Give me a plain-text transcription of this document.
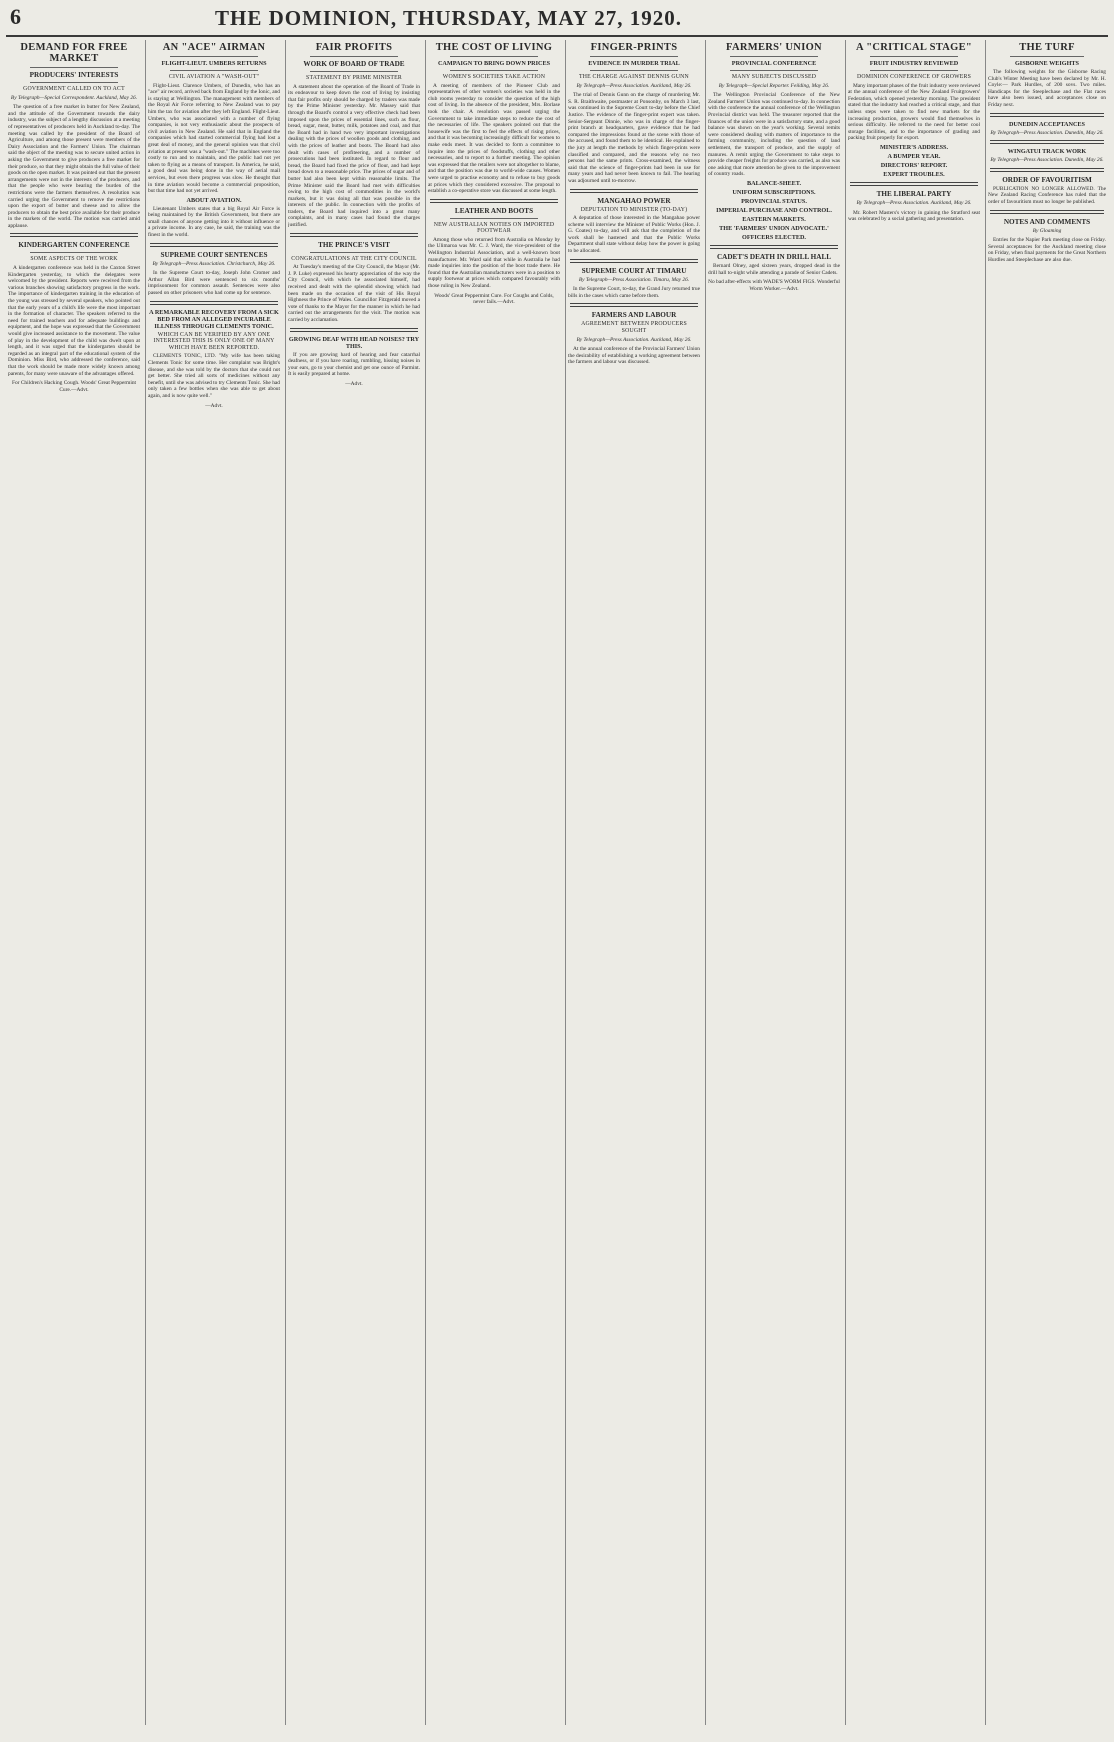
6	THE DOMINION, THURSDAY, MAY 27, 1920.
DEMAND FOR FREE MARKET
PRODUCERS' INTERESTS
GOVERNMENT CALLED ON TO ACT
By Telegraph—Special Correspondent. Auckland, May 26.

The question of a free market in butter for New Zealand, and the attitude of the Government towards the dairy industry, was the subject of a lengthy discussion at a meeting of representatives of producers held in Auckland to-day. The meeting was called by the president of the Board of Agriculture, and among those present were members of the Dairy Association and the Farmers' Union. The chairman said the object of the meeting was to secure united action in asking the Government to give producers a free market for their produce, so that they might obtain the full value of their goods on the open market. It was pointed out that the present arrangements were not in the interests of the producers, and that the people who were bearing the burden of the restrictions were the farmers themselves. A resolution was carried urging the Government to remove the restrictions upon the export of butter and cheese and to allow the producers to obtain the best price available for their produce in the markets of the world. The motion was carried amid applause.

KINDERGARTEN CONFERENCE
SOME ASPECTS OF THE WORK

A kindergarten conference was held in the Caxton Street Kindergarten yesterday, to which the delegates were welcomed by the president. Reports were received from the various branches showing satisfactory progress in the work. The importance of kindergarten training in the education of the young was stressed by several speakers, who pointed out that the early years of a child's life were the most important in the formation of character. The speakers referred to the need for trained teachers and for adequate buildings and equipment, and the hope was expressed that the Government would give increased assistance to the movement. The value of play in the development of the child was dwelt upon at length, and it was urged that the kindergarten should be regarded as an integral part of the educational system of the Dominion. Miss Bird, who addressed the conference, said that the work should be made more widely known among parents, for many were unaware of the advantages offered.

For Children's Hacking Cough. Woods' Great Peppermint Cure.—Advt.
AN "ACE" AIRMAN
FLIGHT-LIEUT. UMBERS RETURNS
CIVIL AVIATION A "WASH-OUT"

Flight-Lieut. Clarence Umbers, of Dunedin, who has an "ace" air record, arrived back from England by the Ionic, and is staying at Wellington. The management with members of the Royal Air Force referring to New Zealand was to pay him the tax for aviation after they left England. Flight-Lieut. Umbers, who was associated with a number of flying companies, is not very enthusiastic about the prospects of civil aviation in New Zealand. He said that in England the companies which had started commercial flying had lost a great deal of money, and the general opinion was that civil aviation at present was a "wash-out." The machines were too costly to run and to maintain, and the public had not yet taken to flying as a means of transport. In America, he said, a good deal was being done in the way of aerial mail services, but even there progress was slow. He thought that in time aviation would become a commercial proposition, but that time had not yet arrived.

ABOUT AVIATION.

Lieutenant Umbers states that a big Royal Air Force is being maintained by the British Government, but there are small chances of anyone getting into it without influence or a private income. In any case, he said, the training was the finest in the world.

SUPREME COURT SENTENCES
By Telegraph—Press Association. Christchurch, May 26.

In the Supreme Court to-day, Joseph John Cromer and Arthur Allan Bird were sentenced to six months' imprisonment for common assault. Sentences were also passed on other prisoners who had come up for sentence.

A REMARKABLE RECOVERY FROM A SICK BED FROM AN ALLEGED INCURABLE ILLNESS THROUGH CLEMENTS TONIC.
WHICH CAN BE VERIFIED BY ANY ONE INTERESTED THIS IS ONLY ONE OF MANY WHICH HAVE BEEN REPORTED.

CLEMENTS TONIC, LTD. "My wife has been taking Clements Tonic for some time. Her complaint was Bright's disease, and she was told by the doctors that she could not get better. She tried all sorts of medicines without any benefit, until she was advised to try Clements Tonic. She had only taken a few bottles when she was able to get about again, and is now quite well."

—Advt.
FAIR PROFITS
WORK OF BOARD OF TRADE
STATEMENT BY PRIME MINISTER

A statement about the operation of the Board of Trade in its endeavour to keep down the cost of living by insisting that fair profits only should be charged by traders was made by the Prime Minister yesterday. Mr. Massey said that through the Board's control a very effective check had been imposed upon the prices of essential lines, such as flour, bread, sugar, meat, butter, milk, potatoes and coal, and that the Board had in hand two very important investigations dealing with the prices of woollen goods and clothing, and with the prices of leather and boots. The Board had also dealt with cases of profiteering, and a number of prosecutions had been instituted. In regard to flour and bread, the Board had fixed the price of flour, and had kept bread down to a reasonable price. The prices of sugar and of butter had also been kept within reasonable limits. The Prime Minister said the Board had met with difficulties owing to the high cost of commodities in the world's markets, but it was doing all that was possible in the interests of the public. In connection with the profits of traders, the Board had inquired into a great many complaints, and in many cases had found the charges justified.

THE PRINCE'S VISIT
CONGRATULATIONS AT THE CITY COUNCIL

At Tuesday's meeting of the City Council, the Mayor (Mr. J. P. Luke) expressed his hearty appreciation of the way the City Council, with which he associated himself, had received and dealt with the splendid showing which had been made on the occasion of the visit of His Royal Highness the Prince of Wales. Councillor Fitzgerald moved a vote of thanks to the Mayor for the manner in which he had carried out the arrangements for the visit. The motion was carried by acclamation.

GROWING DEAF WITH HEAD NOISES? TRY THIS.

If you are growing hard of hearing and fear catarrhal deafness, or if you have roaring, rumbling, hissing noises in your ears, go to your chemist and get one ounce of Parmint. It is easily prepared at home.

—Advt.
THE COST OF LIVING
CAMPAIGN TO BRING DOWN PRICES
WOMEN'S SOCIETIES TAKE ACTION

A meeting of members of the Pioneer Club and representatives of other women's societies was held in the club rooms yesterday to consider the question of the high cost of living. In the absence of the president, Mrs. Borlase took the chair. A resolution was passed urging the Government to take immediate steps to reduce the cost of the necessaries of life. The speakers pointed out that the housewife was the first to feel the effects of rising prices, and that it was becoming increasingly difficult for women to make ends meet. It was decided to form a committee to inquire into the prices of foodstuffs, clothing and other necessaries, and to report to a further meeting. The opinion was expressed that the retailers were not altogether to blame, and that the position was due to world-wide causes. Women were urged to practise economy and to refuse to buy goods at prices which they considered excessive. The proposal to establish a co-operative store was discussed at some length.

LEATHER AND BOOTS
NEW AUSTRALIAN NOTIES ON IMPORTED FOOTWEAR

Among those who returned from Australia on Monday by the Ulimaroa was Mr. C. J. Ward, the vice-president of the Wellington Industrial Association, and a well-known boot manufacturer. Mr. Ward said that while in Australia he had made inquiries into the position of the boot trade there. He found that the Australian manufacturers were in a position to supply footwear at prices which compared favourably with those ruling in New Zealand.

Woods' Great Peppermint Cure. For Coughs and Colds, never fails.—Advt.
FINGER-PRINTS
EVIDENCE IN MURDER TRIAL
THE CHARGE AGAINST DENNIS GUNN
By Telegraph—Press Association. Auckland, May 26.

The trial of Dennis Gunn on the charge of murdering Mr. S. R. Braithwaite, postmaster at Ponsonby, on March 3 last, was continued in the Supreme Court to-day before the Chief Justice. The evidence of the finger-print expert was taken. Senior-Sergeant Dinnie, who was in charge of the finger-print branch at headquarters, gave evidence that he had compared the impressions found at the scene with those of the accused, and found them to be identical. He explained to the jury at length the methods by which finger-prints were classified and compared, and the reasons why no two persons had the same prints. Cross-examined, the witness said that the science of finger-prints had been in use for many years and had never been known to fail. The hearing was adjourned until to-morrow.

MANGAHAO POWER
DEPUTATION TO MINISTER (TO-DAY)

A deputation of those interested in the Mangahao power scheme will interview the Minister of Public Works (Hon. J. G. Coates) to-day, and will ask that the completion of the work shall be hastened and that the Public Works Department shall state without delay how the power is going to be allocated.

SUPREME COURT AT TIMARU
By Telegraph—Press Association. Timaru, May 26.

In the Supreme Court, to-day, the Grand Jury returned true bills in the cases which came before them.

FARMERS AND LABOUR
AGREEMENT BETWEEN PRODUCERS SOUGHT
By Telegraph—Press Association. Auckland, May 26.

At the annual conference of the Provincial Farmers' Union the desirability of establishing a working agreement between the farmers and labour was discussed.

FARMERS' UNION
PROVINCIAL CONFERENCE
MANY SUBJECTS DISCUSSED
By Telegraph—Special Reporter. Feilding, May 26.

The Wellington Provincial Conference of the New Zealand Farmers' Union was continued to-day. In connection with the conference the annual conference of the Wellington Provincial district was held. The treasurer reported that the finances of the union were in a satisfactory state, and a good balance was shown on the year's working. Several remits were considered dealing with matters of importance to the farming community, including the question of land settlement, the transport of produce, and the supply of manures. A remit urging the Government to take steps to provide cheaper freights for produce was carried, as also was one asking that more attention be given to the improvement of country roads.

BALANCE-SHEET.
UNIFORM SUBSCRIPTIONS.
PROVINCIAL STATUS.
IMPERIAL PURCHASE AND CONTROL.
EASTERN MARKETS.
THE 'FARMERS' UNION ADVOCATE.'
OFFICERS ELECTED.
CADET'S DEATH IN DRILL HALL

Bernard Olney, aged sixteen years, dropped dead in the drill hall to-night while attending a parade of Senior Cadets.

No bad after-effects with WADE'S WORM FIGS. Wonderful Worm Worker.—Advt.
A "CRITICAL STAGE"
FRUIT INDUSTRY REVIEWED
DOMINION CONFERENCE OF GROWERS

Many important phases of the fruit industry were reviewed at the annual conference of the New Zealand Fruitgrowers' Federation, which opened yesterday morning. The president stated that the industry had reached a critical stage, and that unless steps were taken to find new markets for the increasing production, growers would find themselves in serious difficulty. He referred to the need for better cool storage facilities, and to the importance of grading and packing fruit properly for export.

MINISTER'S ADDRESS.
A BUMPER YEAR.
DIRECTORS' REPORT.
EXPERT TROUBLES.
THE LIBERAL PARTY
By Telegraph—Press Association. Auckland, May 26.

Mr. Robert Masters's victory in gaining the Stratford seat was celebrated by a social gathering and presentation.

THE TURF
GISBORNE WEIGHTS

The following weights for the Gisborne Racing Club's Winter Meeting have been declared by Mr. H. Coyle:— Park Hurdles, of 200 sovs. Two miles. Handicaps for the Steeplechase and the Flat races have also been issued, and acceptances close on Friday next.

DUNEDIN ACCEPTANCES
By Telegraph—Press Association. Dunedin, May 26.
WINGATUI TRACK WORK
By Telegraph—Press Association. Dunedin, May 26.
ORDER OF FAVOURITISM

PUBLICATION NO LONGER ALLOWED. The New Zealand Racing Conference has ruled that the order of favouritism must no longer be published.

NOTES AND COMMENTS
By Gloaming

Entries for the Napier Park meeting close on Friday. Several acceptances for the Auckland meeting close on Friday, when final payments for the Great Northern Hurdles and Steeplechase are also due.
